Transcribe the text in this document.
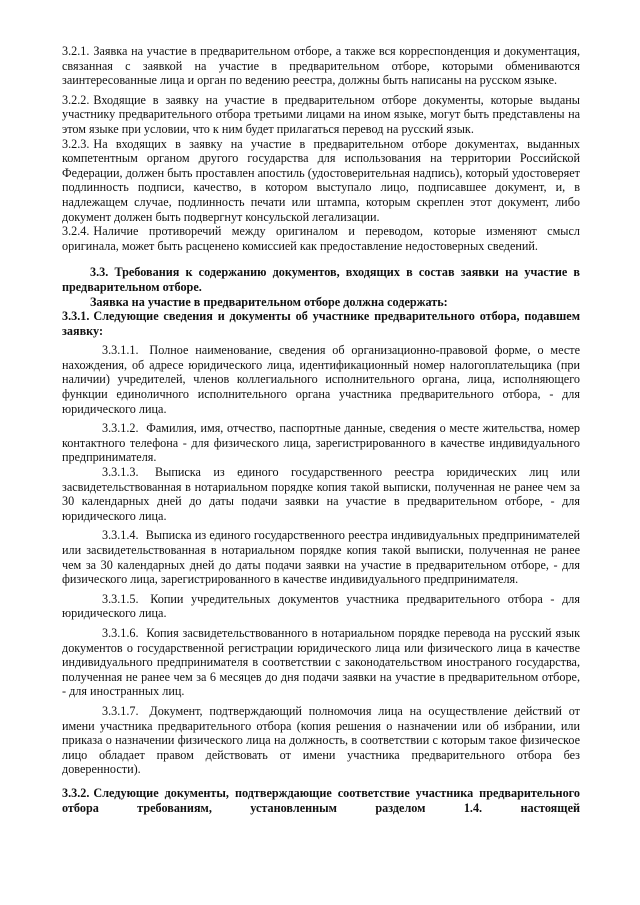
3.2.1. Заявка на участие в предварительном отборе, а также вся корреспонденция и документация, связанная с заявкой на участие в предварительном отборе, которыми обмениваются заинтересованные лица и орган по ведению реестра, должны быть написаны на русском языке.

3.2.2. Входящие в заявку на участие в предварительном отборе документы, которые выданы участнику предварительного отбора третьими лицами на ином языке, могут быть представлены на этом языке при условии, что к ним будет прилагаться перевод на русский язык.

3.2.3. На входящих в заявку на участие в предварительном отборе документах, выданных компетентным органом другого государства для использования на территории Российской Федерации, должен быть проставлен апостиль (удостоверительная надпись), который удостоверяет подлинность подписи, качество, в котором выступало лицо, подписавшее документ, и, в надлежащем случае, подлинность печати или штампа, которым скреплен этот документ, либо документ должен быть подвергнут консульской легализации.

3.2.4. Наличие противоречий между оригиналом и переводом, которые изменяют смысл оригинала, может быть расценено комиссией как предоставление недостоверных сведений.

3.3. Требования к содержанию документов, входящих в состав заявки на участие в предварительном отборе.

Заявка на участие в предварительном отборе должна содержать:

3.3.1. Следующие сведения и документы об участнике предварительного отбора, подавшем заявку:

3.3.1.1. Полное наименование, сведения об организационно-правовой форме, о месте нахождения, об адресе юридического лица, идентификационный номер налогоплательщика (при наличии) учредителей, членов коллегиального исполнительного органа, лица, исполняющего функции единоличного исполнительного органа участника предварительного отбора, - для юридического лица.

3.3.1.2. Фамилия, имя, отчество, паспортные данные, сведения о месте жительства, номер контактного телефона - для физического лица, зарегистрированного в качестве индивидуального предпринимателя.

3.3.1.3. Выписка из единого государственного реестра юридических лиц или засвидетельствованная в нотариальном порядке копия такой выписки, полученная не ранее чем за 30 календарных дней до даты подачи заявки на участие в предварительном отборе, - для юридического лица.

3.3.1.4. Выписка из единого государственного реестра индивидуальных предпринимателей или засвидетельствованная в нотариальном порядке копия такой выписки, полученная не ранее чем за 30 календарных дней до даты подачи заявки на участие в предварительном отборе, - для физического лица, зарегистрированного в качестве индивидуального предпринимателя.

3.3.1.5. Копии учредительных документов участника предварительного отбора - для юридического лица.

3.3.1.6. Копия засвидетельствованного в нотариальном порядке перевода на русский язык документов о государственной регистрации юридического лица или физического лица в качестве индивидуального предпринимателя в соответствии с законодательством иностраного государства, полученная не ранее чем за 6 месяцев до дня подачи заявки на участие в предварительном отборе, - для иностранных лиц.

3.3.1.7. Документ, подтверждающий полномочия лица на осуществление действий от имени участника предварительного отбора (копия решения о назначении или об избрании, или приказа о назначении физического лица на должность, в соответствии с которым такое физическое лицо обладает правом действовать от имени участника предварительного отбора без доверенности).

3.3.2. Следующие документы, подтверждающие соответствие участника предварительного отбора требованиям, установленным разделом 1.4. настоящей
